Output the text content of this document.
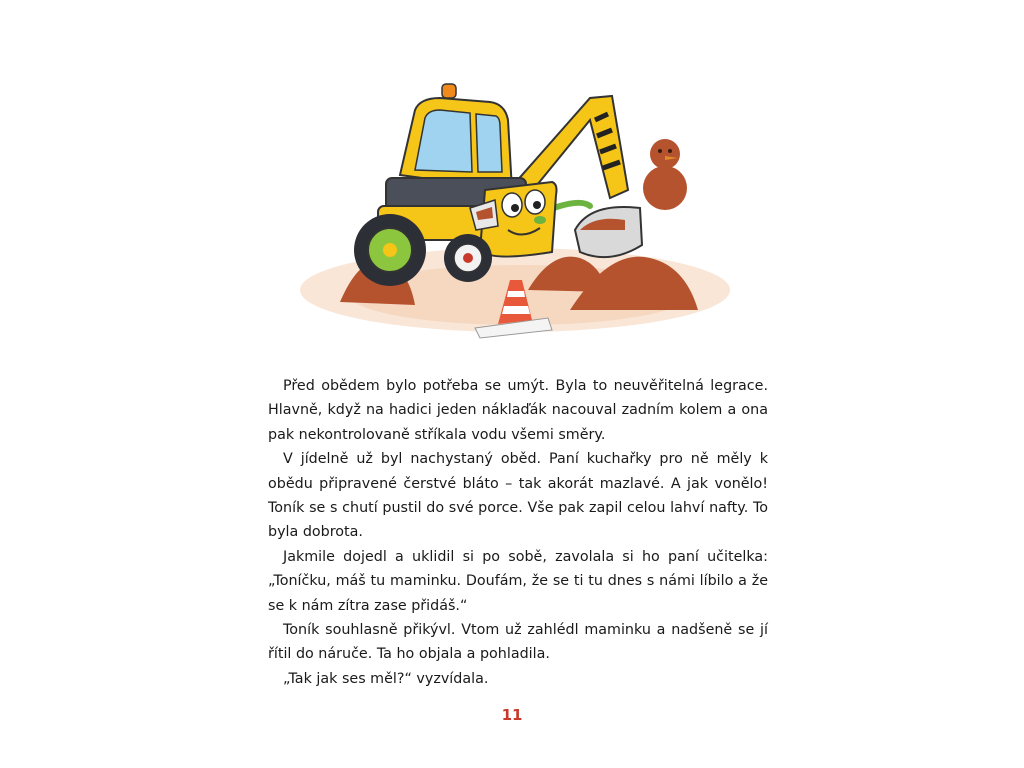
Před obědem bylo potřeba se umýt. Byla to neuvěřitelná legrace. Hlavně, když na hadici jeden náklaďák nacouval zadním kolem a ona pak nekontrolovaně stříkala vodu všemi směry.

V jídelně už byl nachystaný oběd. Paní kuchařky pro ně měly k obědu připravené čerstvé bláto – tak akorát mazlavé. A jak vonělo! Toník se s chutí pustil do své porce. Vše pak zapil celou lahví nafty. To byla dobrota.

Jakmile dojedl a uklidil si po sobě, zavolala si ho paní učitelka: „Toníčku, máš tu maminku. Doufám, že se ti tu dnes s námi líbilo a že se k nám zítra zase přidáš.“

Toník souhlasně přikývl. Vtom už zahlédl maminku a nadšeně se jí řítil do náruče. Ta ho objala a pohladila.

„Tak jak ses měl?“ vyzvídala.

11
